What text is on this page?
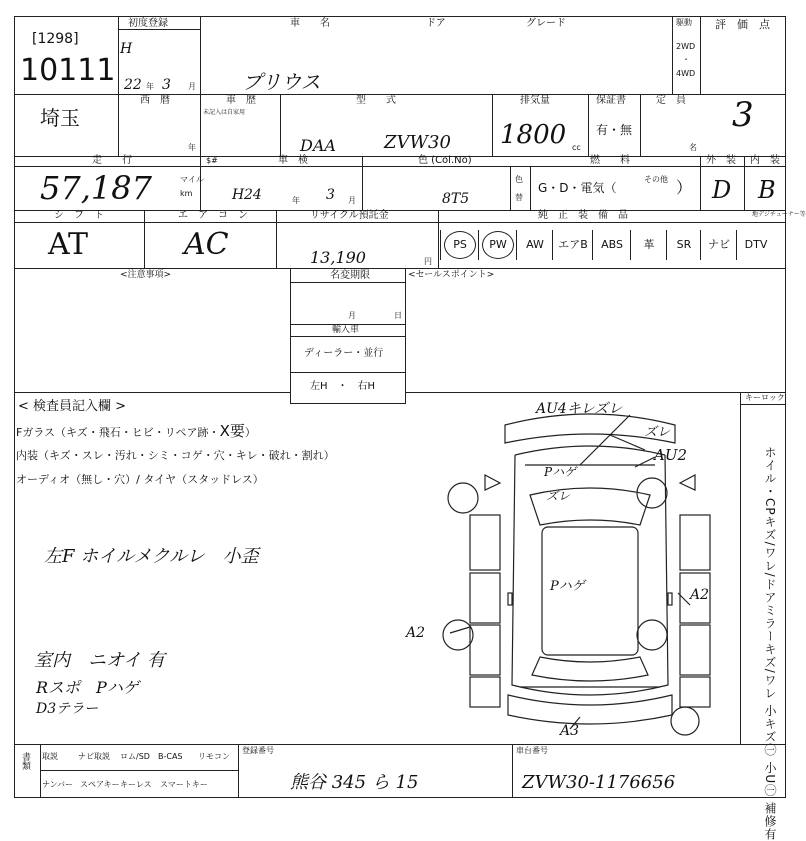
[1298]
10111
初度登録
H
22 年 3 月
車　　名	ドア	グレード
プリウス
駆動
2WD
・
4WD
評　価　点
埼玉
西　暦
年
車　歴
未記入は自家用
型　　式
DAA	ZVW30
排気量
1800 cc
保証書
有・無
定　員
名
3
走　　行
57,187	マイル
km
$#	車　検
H 24	年 3 月
色 (Col.No)
8T5
色
替
燃　　料
G・D・電気（
その他 ）
外　装
D
内　装
B
シ　フ　ト
AT
エ　ア　コ　ン
AC
リサイクル預託金
13,190	円
純　正　装　備　品	地デジチューナー等
PS	PW	AW	エアB	ABS	革	SR	ナビ	DTV
<注意事項>	名変期限
月	日
輸入車
ディーラー・並行
左H　・　右H
<セールスポイント>
< 検査員記入欄 >
Fガラス（キズ・飛石・ヒビ・リペア跡・X要）
内装（キズ・スレ・汚れ・シミ・コゲ・穴・キレ・破れ・割れ）
オーディオ（無し・穴）/ タイヤ（スタッドレス）
左F ホイルメクルレ　小歪
室内　ニオイ 有
Rスポ　Pハゲ
D3テラー
キーロック
ホイル・CPキズ/ワレ/ドアミラーキズ/ワレ 小キズ㊀ 小U㊀ 補修有
AU4キレズレ
ズレ
AU2
Pハゲ
ズレ
Pハゲ
A2
A2
A3
書類 取説	ナビ取説 ロム/SD B-CAS リモコン
ナンバー スペアキー キーレス スマートキー
登録番号
熊谷 345 ら 15
車台番号
ZVW30-1176656
